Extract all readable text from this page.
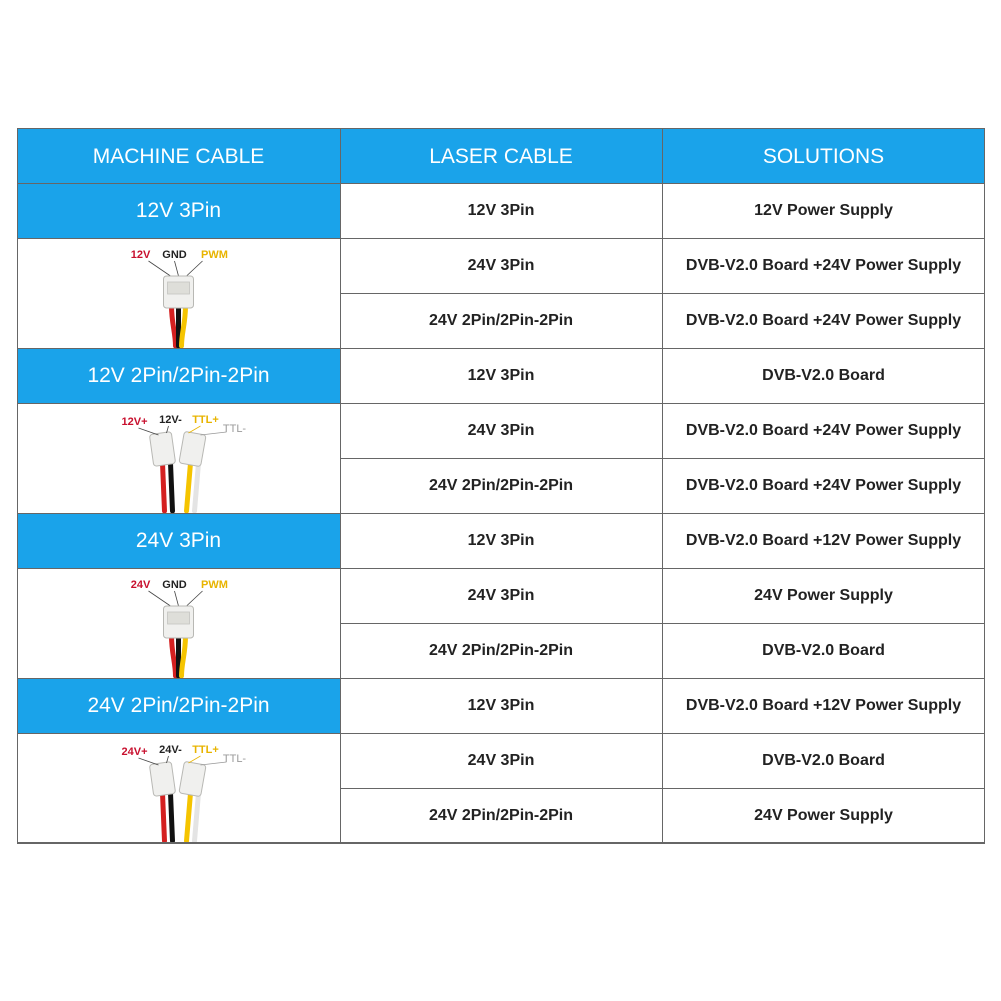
MACHINE CABLE	LASER CABLE	SOLUTIONS
12V 3Pin
12V GND PWM
12V 3Pin	12V Power Supply
24V 3Pin	DVB-V2.0 Board +24V Power Supply
24V 2Pin/2Pin-2Pin	DVB-V2.0 Board +24V Power Supply
12V 2Pin/2Pin-2Pin
12V+ 12V- TTL+
TTL-
12V 3Pin	DVB-V2.0 Board
24V 3Pin	DVB-V2.0 Board +24V Power Supply
24V 2Pin/2Pin-2Pin	DVB-V2.0 Board +24V Power Supply
24V 3Pin
24V GND PWM
12V 3Pin	DVB-V2.0 Board +12V Power Supply
24V 3Pin	24V Power Supply
24V 2Pin/2Pin-2Pin	DVB-V2.0 Board
24V 2Pin/2Pin-2Pin
24V+ 24V- TTL+
TTL-
12V 3Pin	DVB-V2.0 Board +12V Power Supply
24V 3Pin	DVB-V2.0 Board
24V 2Pin/2Pin-2Pin	24V Power Supply
